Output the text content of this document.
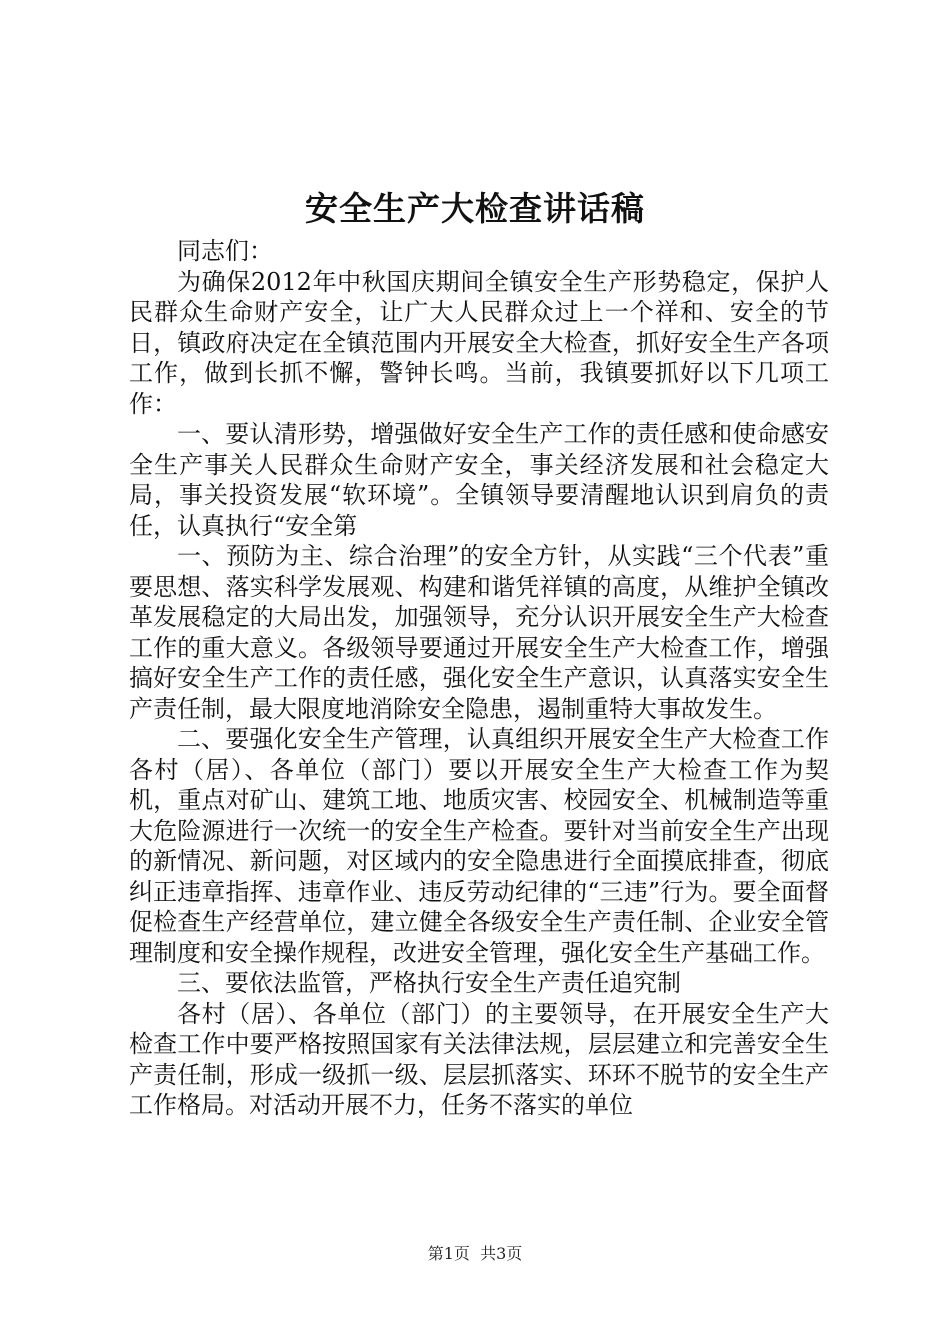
安全生产大检查讲话稿

同志们：

为确保2012年中秋国庆期间全镇安全生产形势稳定，保护人民群众生命财产安全，让广大人民群众过上一个祥和、安全的节日，镇政府决定在全镇范围内开展安全大检查，抓好安全生产各项工作，做到长抓不懈，警钟长鸣。当前，我镇要抓好以下几项工作：

一、要认清形势，增强做好安全生产工作的责任感和使命感安全生产事关人民群众生命财产安全，事关经济发展和社会稳定大局，事关投资发展“软环境”。全镇领导要清醒地认识到肩负的责任，认真执行“安全第

一、预防为主、综合治理”的安全方针，从实践“三个代表”重要思想、落实科学发展观、构建和谐凭祥镇的高度，从维护全镇改革发展稳定的大局出发，加强领导，充分认识开展安全生产大检查工作的重大意义。各级领导要通过开展安全生产大检查工作，增强搞好安全生产工作的责任感，强化安全生产意识，认真落实安全生产责任制，最大限度地消除安全隐患，遏制重特大事故发生。

二、要强化安全生产管理，认真组织开展安全生产大检查工作各村（居）、各单位（部门）要以开展安全生产大检查工作为契机，重点对矿山、建筑工地、地质灾害、校园安全、机械制造等重大危险源进行一次统一的安全生产检查。要针对当前安全生产出现的新情况、新问题，对区域内的安全隐患进行全面摸底排查，彻底纠正违章指挥、违章作业、违反劳动纪律的“三违”行为。要全面督促检查生产经营单位，建立健全各级安全生产责任制、企业安全管理制度和安全操作规程，改进安全管理，强化安全生产基础工作。

三、要依法监管，严格执行安全生产责任追究制

各村（居）、各单位（部门）的主要领导，在开展安全生产大检查工作中要严格按照国家有关法律法规，层层建立和完善安全生产责任制，形成一级抓一级、层层抓落实、环环不脱节的安全生产工作格局。对活动开展不力，任务不落实的单位

第1页  共3页
